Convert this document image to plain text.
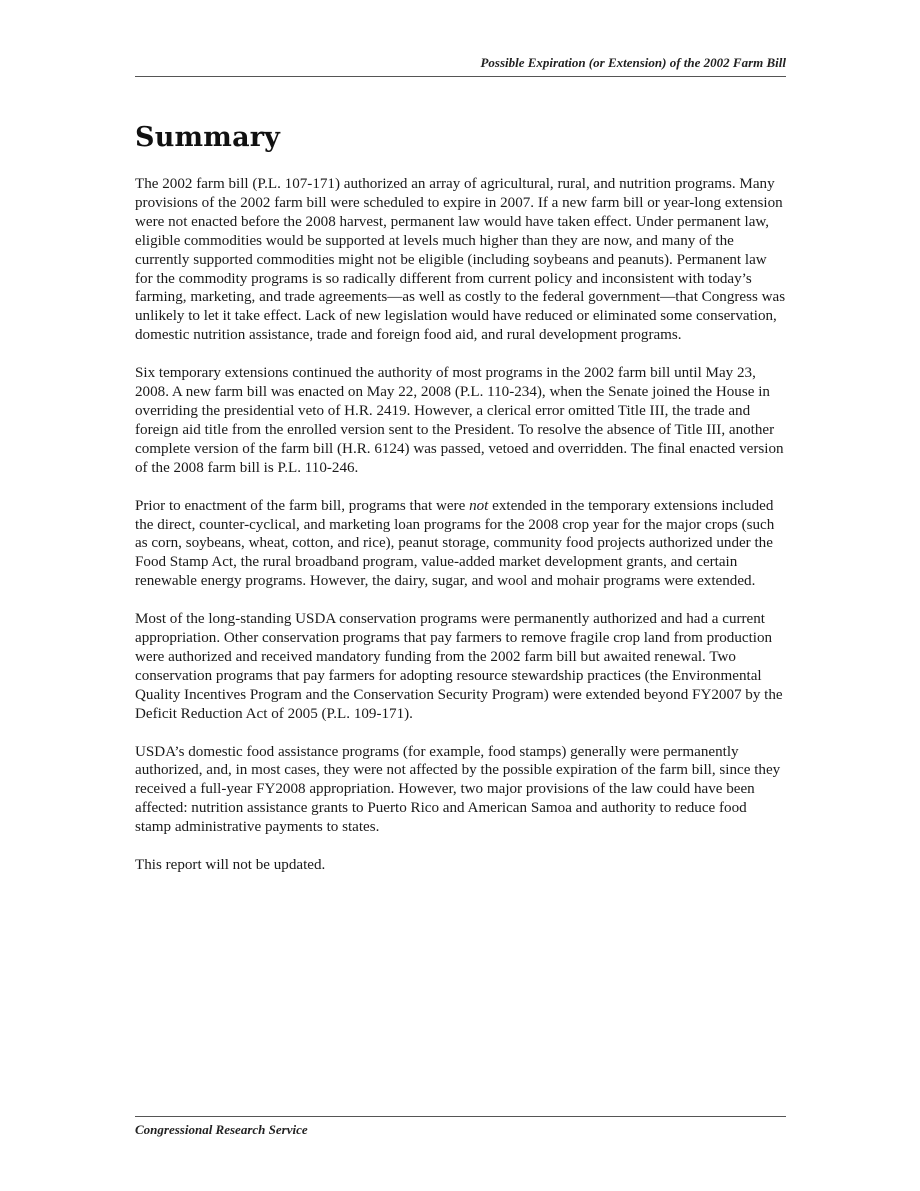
Possible Expiration (or Extension) of the 2002 Farm Bill
Summary

The 2002 farm bill (P.L. 107-171) authorized an array of agricultural, rural, and nutrition programs. Many provisions of the 2002 farm bill were scheduled to expire in 2007. If a new farm bill or year-long extension were not enacted before the 2008 harvest, permanent law would have taken effect. Under permanent law, eligible commodities would be supported at levels much higher than they are now, and many of the currently supported commodities might not be eligible (including soybeans and peanuts). Permanent law for the commodity programs is so radically different from current policy and inconsistent with today’s farming, marketing, and trade agreements—as well as costly to the federal government—that Congress was unlikely to let it take effect. Lack of new legislation would have reduced or eliminated some conservation, domestic nutrition assistance, trade and foreign food aid, and rural development programs.

Six temporary extensions continued the authority of most programs in the 2002 farm bill until May 23, 2008. A new farm bill was enacted on May 22, 2008 (P.L. 110-234), when the Senate joined the House in overriding the presidential veto of H.R. 2419. However, a clerical error omitted Title III, the trade and foreign aid title from the enrolled version sent to the President. To resolve the absence of Title III, another complete version of the farm bill (H.R. 6124) was passed, vetoed and overridden. The final enacted version of the 2008 farm bill is P.L. 110-246.

Prior to enactment of the farm bill, programs that were not extended in the temporary extensions included the direct, counter-cyclical, and marketing loan programs for the 2008 crop year for the major crops (such as corn, soybeans, wheat, cotton, and rice), peanut storage, community food projects authorized under the Food Stamp Act, the rural broadband program, value-added market development grants, and certain renewable energy programs. However, the dairy, sugar, and wool and mohair programs were extended.

Most of the long-standing USDA conservation programs were permanently authorized and had a current appropriation. Other conservation programs that pay farmers to remove fragile crop land from production were authorized and received mandatory funding from the 2002 farm bill but awaited renewal. Two conservation programs that pay farmers for adopting resource stewardship practices (the Environmental Quality Incentives Program and the Conservation Security Program) were extended beyond FY2007 by the Deficit Reduction Act of 2005 (P.L. 109-171).

USDA’s domestic food assistance programs (for example, food stamps) generally were permanently authorized, and, in most cases, they were not affected by the possible expiration of the farm bill, since they received a full-year FY2008 appropriation. However, two major provisions of the law could have been affected: nutrition assistance grants to Puerto Rico and American Samoa and authority to reduce food stamp administrative payments to states.

This report will not be updated.

Congressional Research Service
